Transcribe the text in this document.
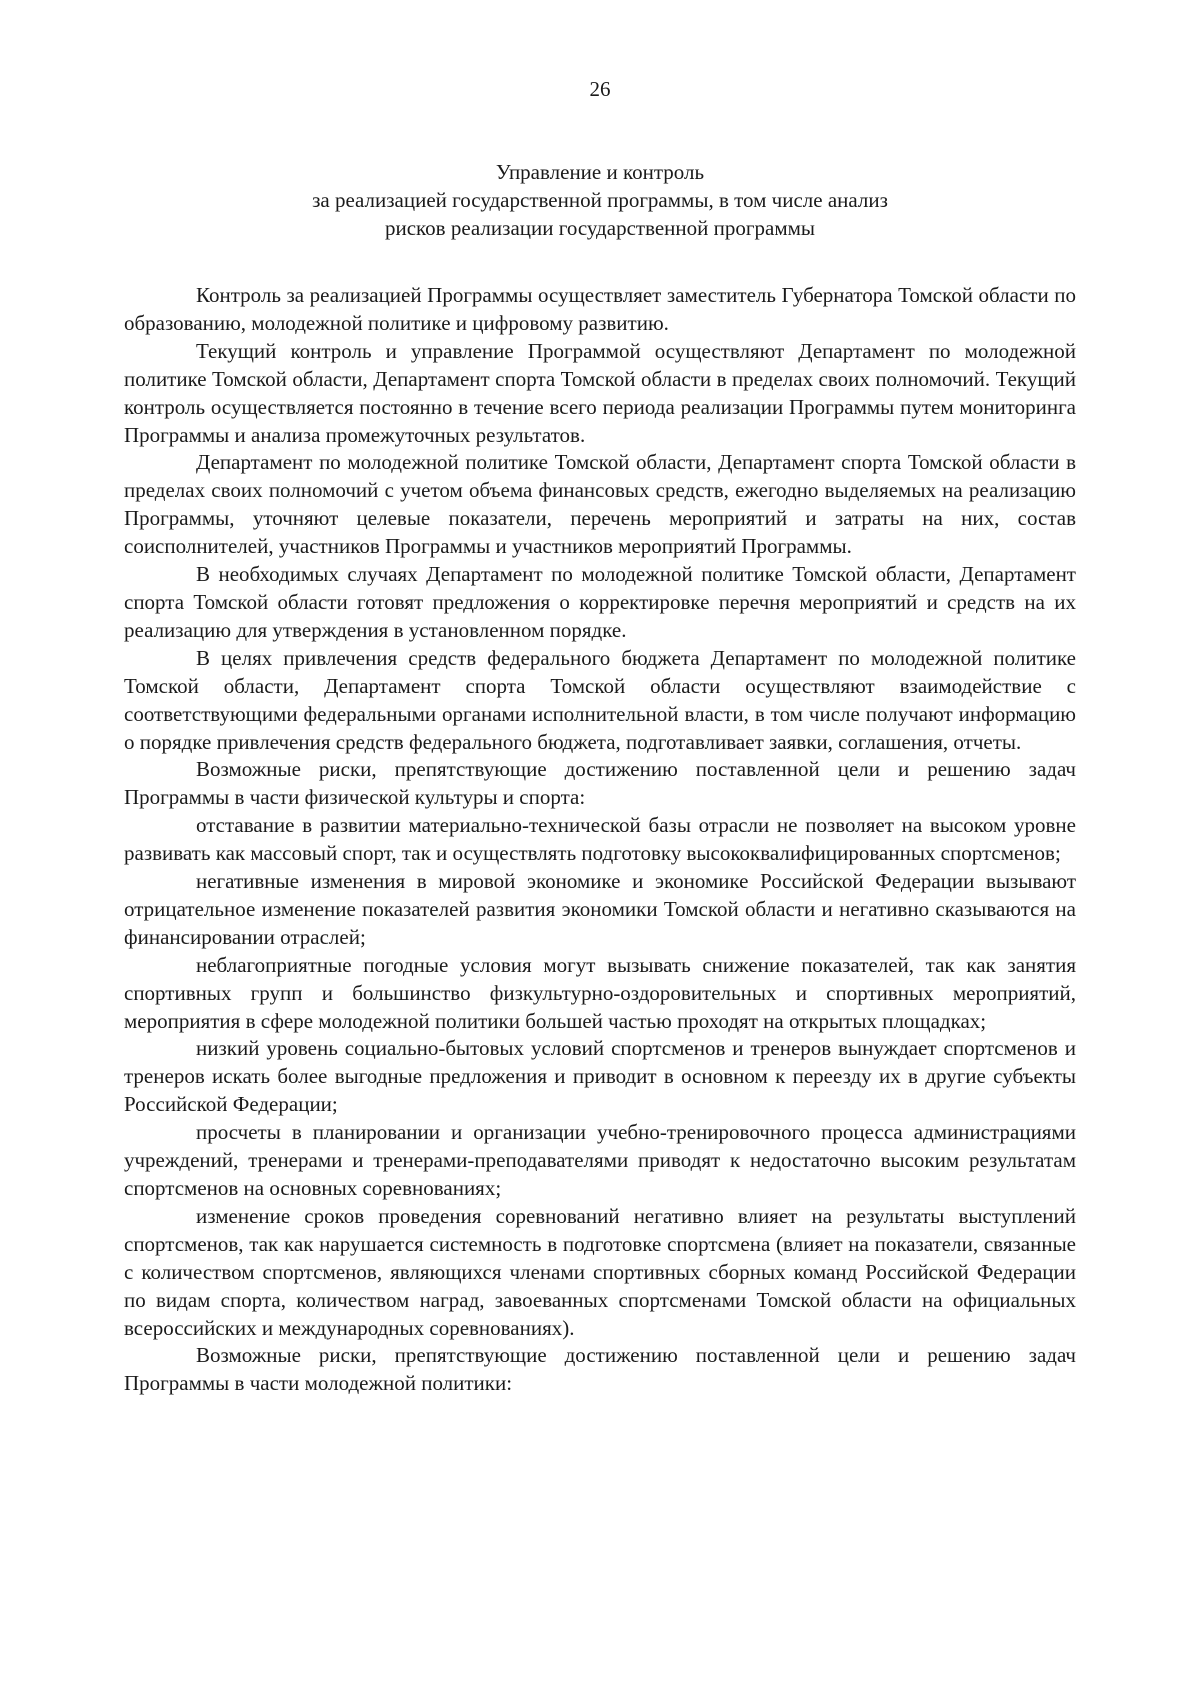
26
Управление и контроль
за реализацией государственной программы, в том числе анализ
рисков реализации государственной программы

Контроль за реализацией Программы осуществляет заместитель Губернатора Томской области по образованию, молодежной политике и цифровому развитию.

Текущий контроль и управление Программой осуществляют Департамент по молодежной политике Томской области, Департамент спорта Томской области в пределах своих полномочий. Текущий контроль осуществляется постоянно в течение всего периода реализации Программы путем мониторинга Программы и анализа промежуточных результатов.

Департамент по молодежной политике Томской области, Департамент спорта Томской области в пределах своих полномочий с учетом объема финансовых средств, ежегодно выделяемых на реализацию Программы, уточняют целевые показатели, перечень мероприятий и затраты на них, состав соисполнителей, участников Программы и участников мероприятий Программы.

В необходимых случаях Департамент по молодежной политике Томской области, Департамент спорта Томской области готовят предложения о корректировке перечня мероприятий и средств на их реализацию для утверждения в установленном порядке.

В целях привлечения средств федерального бюджета Департамент по молодежной политике Томской области, Департамент спорта Томской области осуществляют взаимодействие с соответствующими федеральными органами исполнительной власти, в том числе получают информацию о порядке привлечения средств федерального бюджета, подготавливает заявки, соглашения, отчеты.

Возможные риски, препятствующие достижению поставленной цели и решению задач Программы в части физической культуры и спорта:

отставание в развитии материально-технической базы отрасли не позволяет на высоком уровне развивать как массовый спорт, так и осуществлять подготовку высококвалифицированных спортсменов;

негативные изменения в мировой экономике и экономике Российской Федерации вызывают отрицательное изменение показателей развития экономики Томской области и негативно сказываются на финансировании отраслей;

неблагоприятные погодные условия могут вызывать снижение показателей, так как занятия спортивных групп и большинство физкультурно-оздоровительных и спортивных мероприятий, мероприятия в сфере молодежной политики большей частью проходят на открытых площадках;

низкий уровень социально-бытовых условий спортсменов и тренеров вынуждает спортсменов и тренеров искать более выгодные предложения и приводит в основном к переезду их в другие субъекты Российской Федерации;

просчеты в планировании и организации учебно-тренировочного процесса администрациями учреждений, тренерами и тренерами-преподавателями приводят к недостаточно высоким результатам спортсменов на основных соревнованиях;

изменение сроков проведения соревнований негативно влияет на результаты выступлений спортсменов, так как нарушается системность в подготовке спортсмена (влияет на показатели, связанные с количеством спортсменов, являющихся членами спортивных сборных команд Российской Федерации по видам спорта, количеством наград, завоеванных спортсменами Томской области на официальных всероссийских и международных соревнованиях).

Возможные риски, препятствующие достижению поставленной цели и решению задач Программы в части молодежной политики:
